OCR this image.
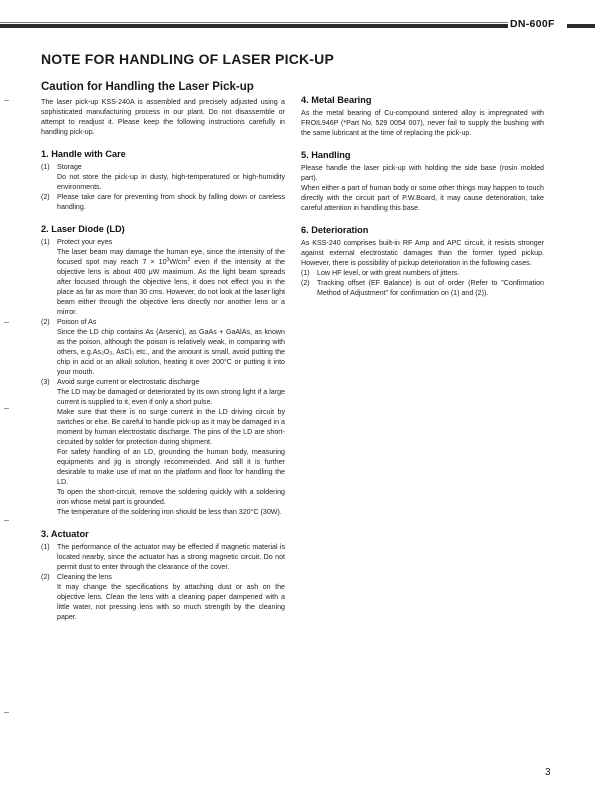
DN-600F
NOTE FOR HANDLING OF LASER PICK-UP
Caution for Handling the Laser Pick-up

The laser pick-up KSS-240A is assembled and precisely adjusted using a sophisticated manufacturing process in our plant. Do not disassemble or attempt to readjust it. Please keep the following instructions carefully in handling pick-up.

1. Handle with Care
(1)	Storage

Do not store the pick-up in dusty, high-temperatured or high-humidity environments.

(2)	Please take care for preventing from shock by falling down or careless handling.
2. Laser Diode (LD)
(1)	Protect your eyes

The laser beam may damage the human eye, since the intensity of the focused spot may reach $7 \times 10^3W/cm^2$ even if the intensity at the objective lens is about 400 μW maximum. As the light beam spreads after focused through the objective lens, it does not effect you in the place as far as more than 30 cms. However, do not look at the laser light beam either through the objective lens directly nor another lens or a mirror.

(2)	Poison of As

Since the LD chip contains As (Arsenic), as GaAs + GaAlAs, as known as the poison, although the poison is relatively weak, in comparing with others, e.g.As₂O₃, AsCl₃ etc., and the amount is small, avoid putting the chip in acid or an alkali solution, heating it over 200°C or putting it into your mouth.

(3)	Avoid surge current or electrostatic discharge

The LD may be damaged or deteriorated by its own strong light if a large current is supplied to it, even if only a short pulse.

Make sure that there is no surge current in the LD driving circuit by switches or else. Be careful to handle pick-up as it may be damaged in a moment by human electrostatic discharge. The pins of the LD are short-circuited by solder for protection during shipment.

For safety handling of an LD, grounding the human body, measuring equipments and jig is strongly recommended. And still it is further desirable to make use of mat on the platform and floor for handling the LD.

To open the short-circuit, remove the soldering quickly with a soldering iron whose metal part is grounded.

The temperature of the soldering iron should be less than 320°C (30W).

3. Actuator
(1)	The performance of the actuator may be effected if magnetic material is located nearby, since the actuator has a strong magnetic circuit. Do not permit dust to enter through the clearance of the cover.
(2)	Cleaning the lens

It may change the specifications by attaching dust or ash on the objective lens. Clean the lens with a cleaning paper dampened with a little water, not pressing lens with so much strength by the cleaning paper.

4. Metal Bearing

As the metal bearing of Cu-compound sintered alloy is impregnated with FROIL946P (*Part No. 529 0054 007), never fail to supply the bushing with the same lubricant at the time of replacing the pick-up.

5. Handling

Please handle the laser pick-up with holding the side base (rosin molded part).

When either a part of human body or some other things may happen to touch directly with the circuit part of P.W.Board, it may cause deterioration, take careful attention in handling this base.

6. Deterioration

As KSS-240 comprises built-in RF Amp and APC circuit, it resists stronger against external electrostatic damages than the former typed pickup. However, there is possibility of pickup deterioration in the following cases.

(1)	Low HF level, or with great numbers of jitters.
(2)	Tracking offset (EF Balance) is out of order (Refer to "Confirmation Method of Adjustment" for confirmation on (1) and (2)).
3
